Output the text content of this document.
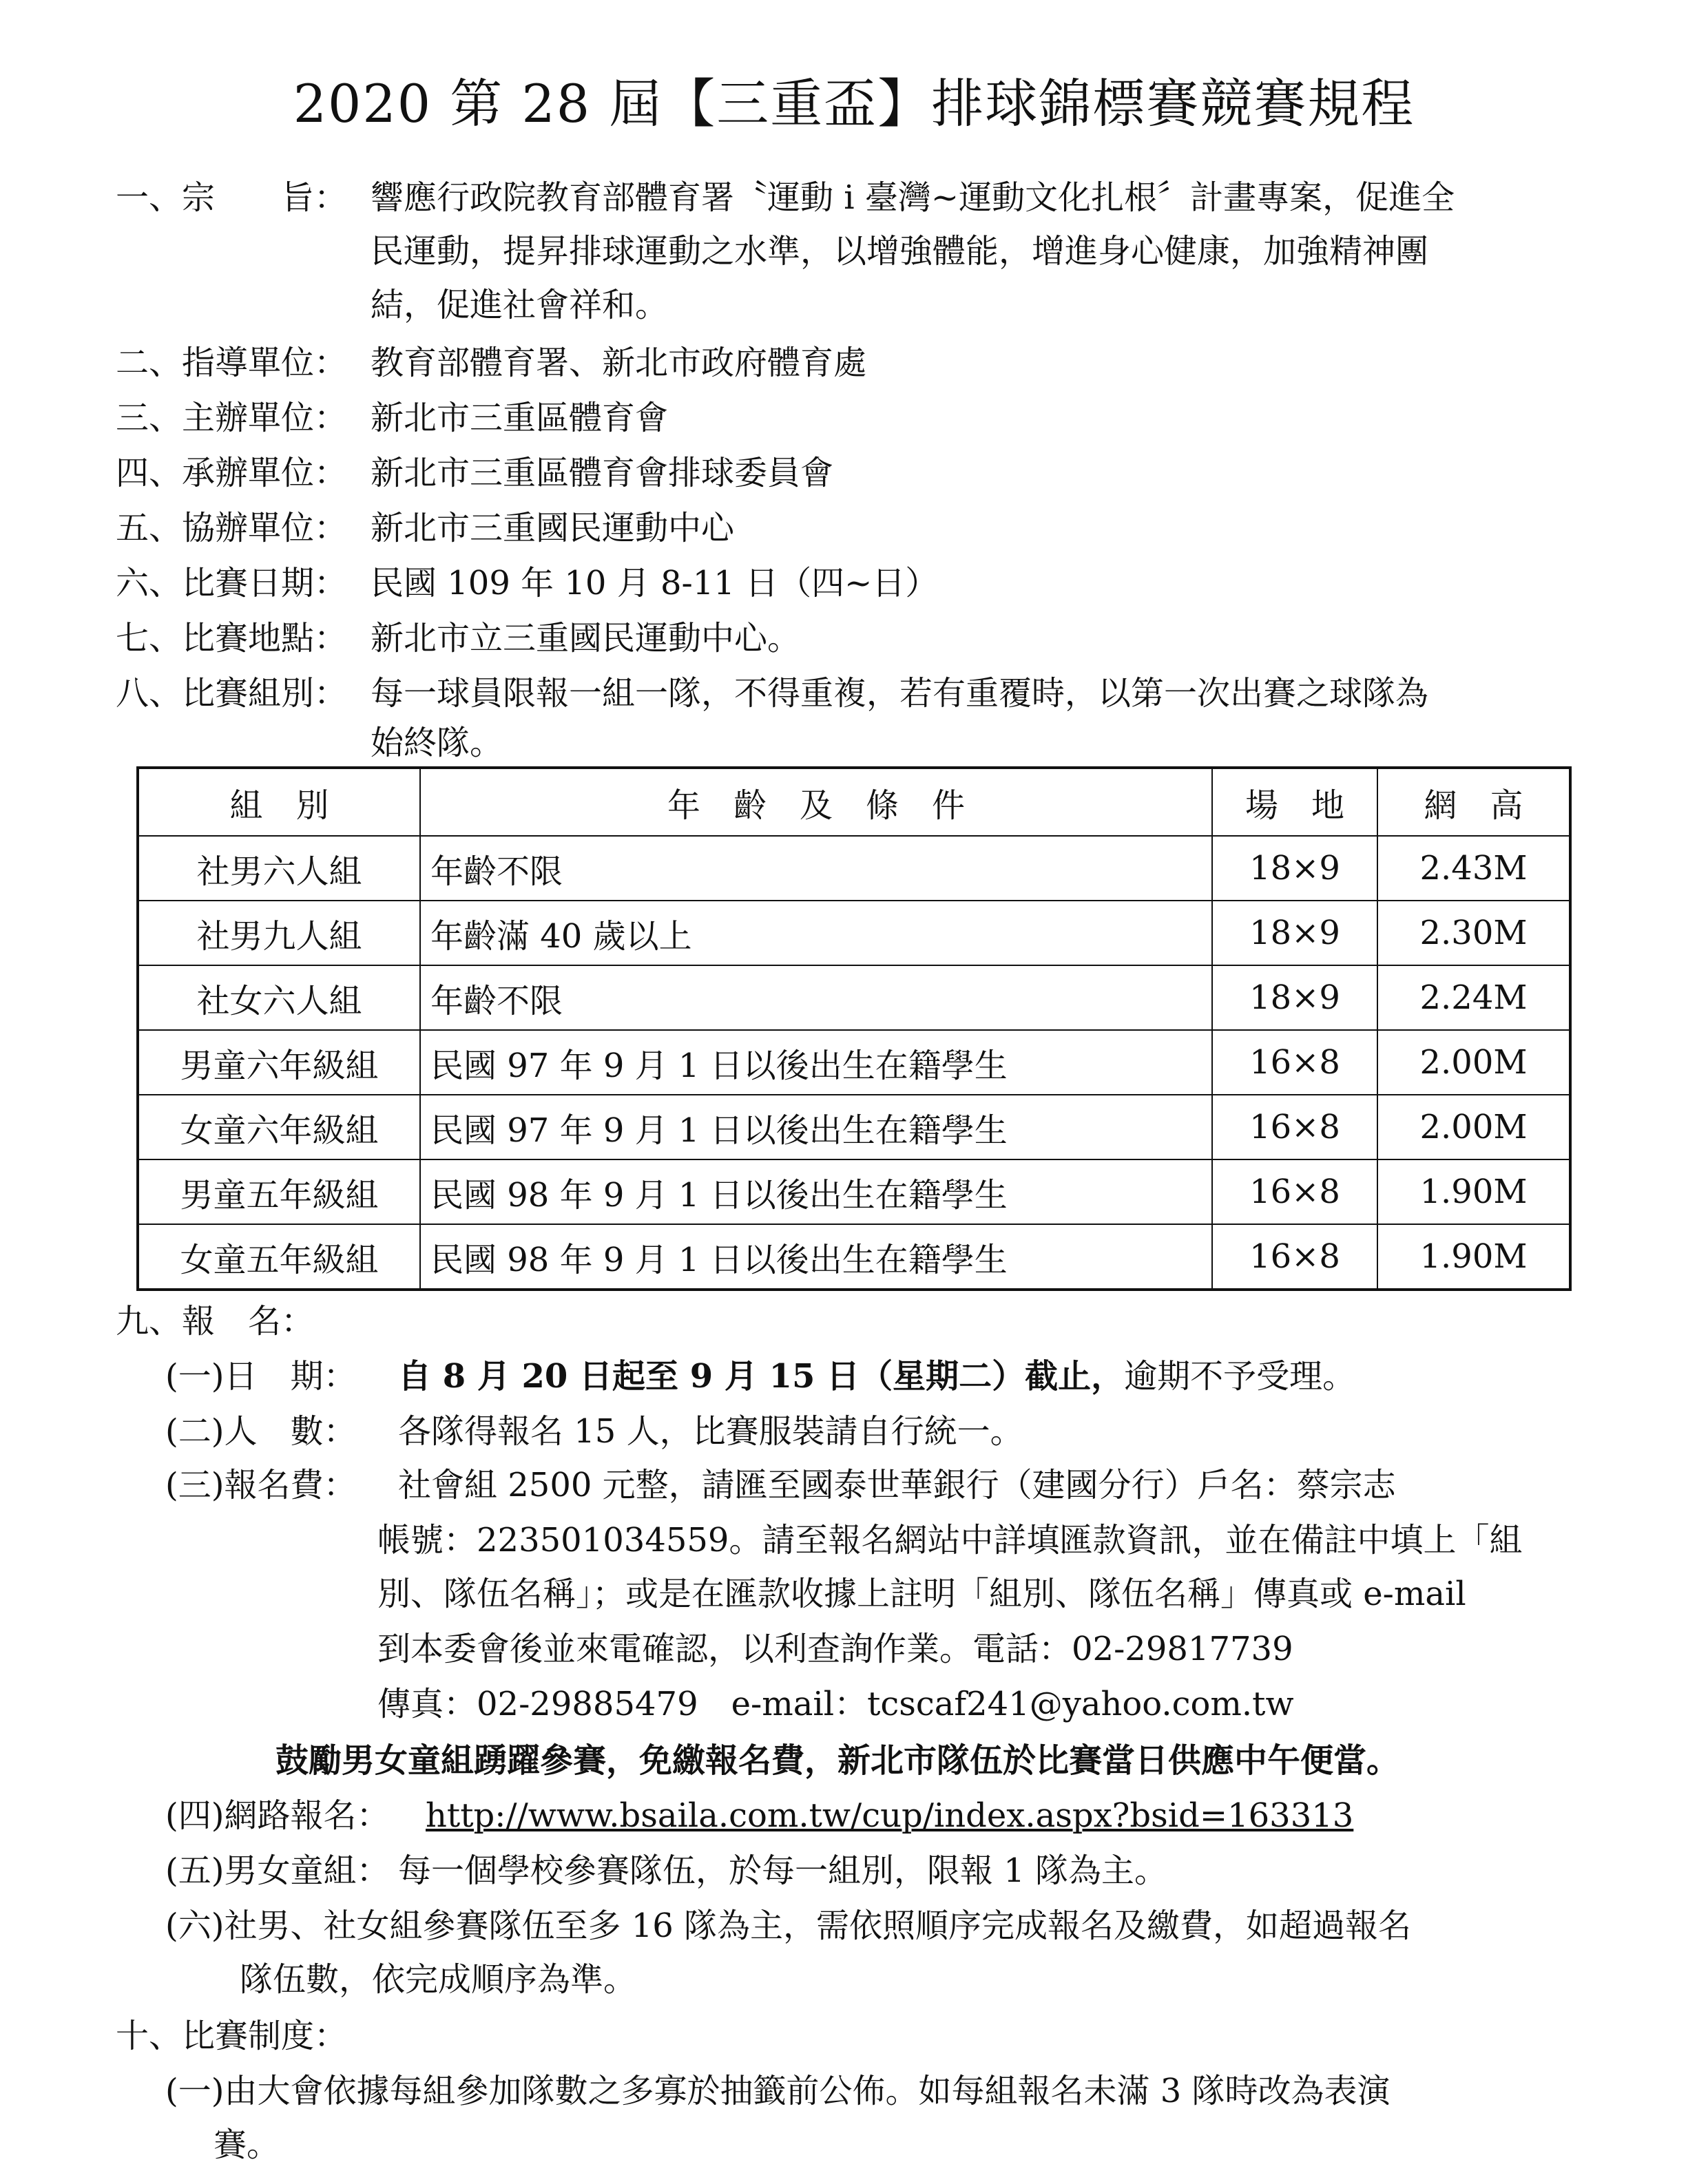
2020 第 28 屆【三重盃】排球錦標賽競賽規程
一、宗　　旨： 響應行政院教育部體育署〝運動 i 臺灣~運動文化扎根〞計畫專案，促進全
民運動，提昇排球運動之水準，以增強體能，增進身心健康，加強精神團
結，促進社會祥和。
二、指導單位： 教育部體育署、新北市政府體育處
三、主辦單位： 新北市三重區體育會
四、承辦單位： 新北市三重區體育會排球委員會
五、協辦單位： 新北市三重國民運動中心
六、比賽日期： 民國 109 年 10 月 8-11 日（四~日）
七、比賽地點： 新北市立三重國民運動中心。
八、比賽組別： 每一球員限報一組一隊，不得重複，若有重覆時，以第一次出賽之球隊為
始終隊。
組　別	年　齡　及　條　件	場　地	網　高
社男六人組	年齡不限	18×9	2.43M
社男九人組	年齡滿 40 歲以上	18×9	2.30M
社女六人組	年齡不限	18×9	2.24M
男童六年級組	民國 97 年 9 月 1 日以後出生在籍學生	16×8	2.00M
女童六年級組	民國 97 年 9 月 1 日以後出生在籍學生	16×8	2.00M
男童五年級組	民國 98 年 9 月 1 日以後出生在籍學生	16×8	1.90M
女童五年級組	民國 98 年 9 月 1 日以後出生在籍學生	16×8	1.90M
九、報　名：
(一)日　期： 自 8 月 20 日起至 9 月 15 日（星期二）截止，逾期不予受理。
(二)人　數： 各隊得報名 15 人，比賽服裝請自行統一。
(三)報名費： 社會組 2500 元整，請匯至國泰世華銀行（建國分行）戶名：蔡宗志
帳號：223501034559。請至報名網站中詳填匯款資訊，並在備註中填上「組
別、隊伍名稱」；或是在匯款收據上註明「組別、隊伍名稱」傳真或 e-mail
到本委會後並來電確認，以利查詢作業。電話：02-29817739
傳真：02-29885479　e-mail：tcscaf241@yahoo.com.tw
鼓勵男女童組踴躍參賽，免繳報名費，新北市隊伍於比賽當日供應中午便當。
(四)網路報名： http://www.bsaila.com.tw/cup/index.aspx?bsid=163313
(五)男女童組： 每一個學校參賽隊伍，於每一組別，限報 1 隊為主。
(六)社男、社女組參賽隊伍至多 16 隊為主，需依照順序完成報名及繳費，如超過報名
隊伍數，依完成順序為準。
十、比賽制度：
(一)由大會依據每組參加隊數之多寡於抽籤前公佈。如每組報名未滿 3 隊時改為表演
賽。
